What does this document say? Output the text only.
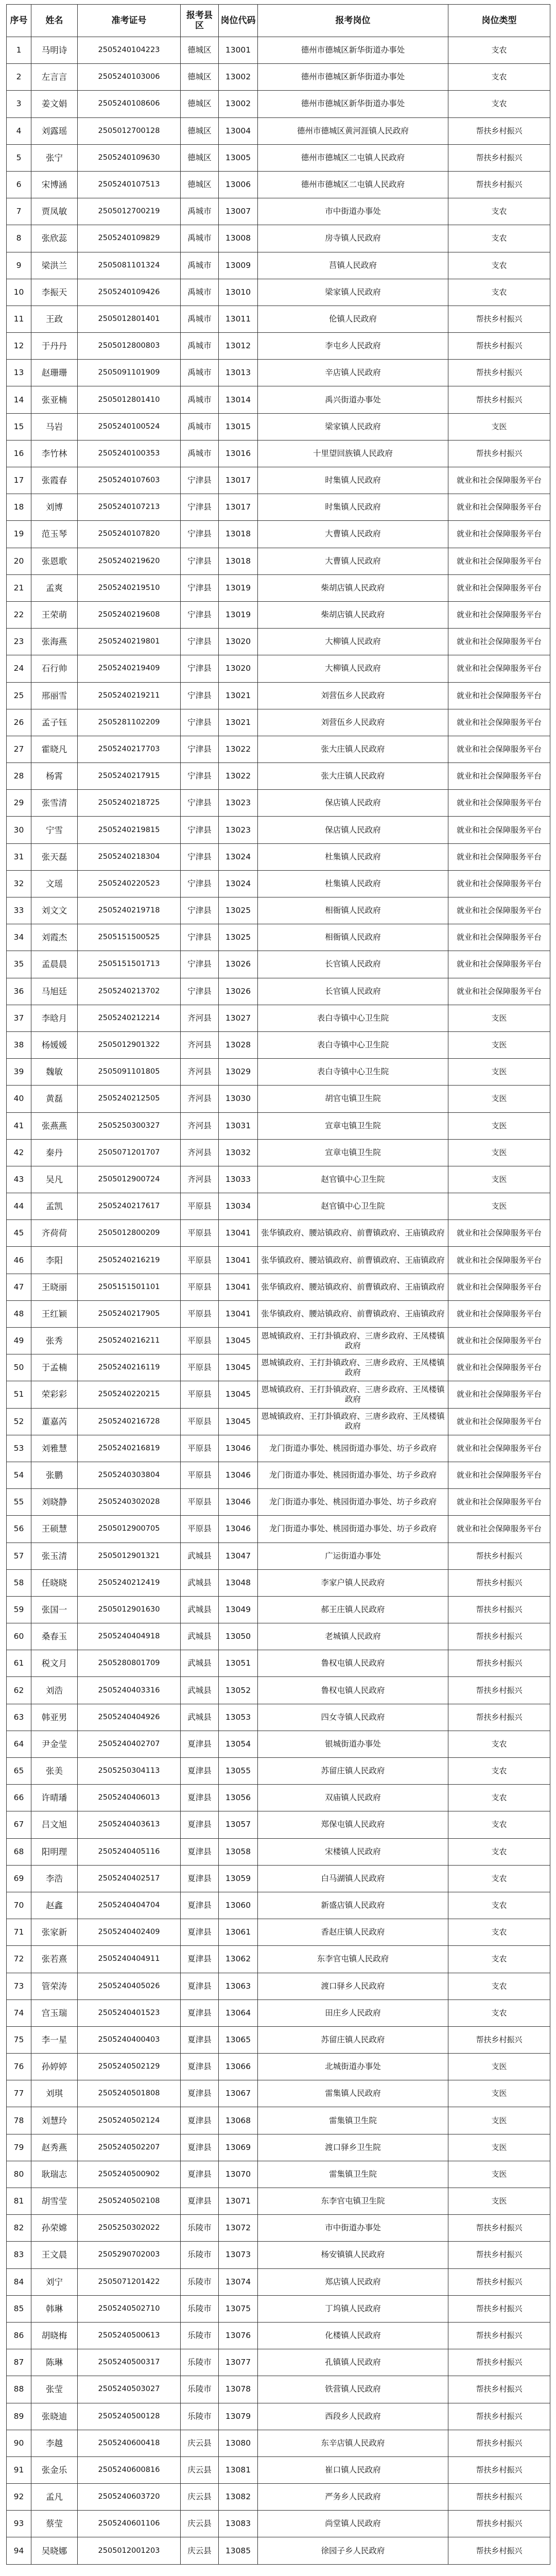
序号	姓名	准考证号	报考县区	岗位代码	报考岗位	岗位类型
1	马明诗	2505240104223	德城区	13001	德州市德城区新华街道办事处	支农
2	左言言	2505240103006	德城区	13002	德州市德城区新华街道办事处	支农
3	姜文娟	2505240108606	德城区	13002	德州市德城区新华街道办事处	支农
4	刘露瑶	2505012700128	德城区	13004	德州市德城区黄河涯镇人民政府	帮扶乡村振兴
5	张宁	2505240109630	德城区	13005	德州市德城区二屯镇人民政府	帮扶乡村振兴
6	宋博涵	2505240107513	德城区	13006	德州市德城区二屯镇人民政府	帮扶乡村振兴
7	贾凤敏	2505012700219	禹城市	13007	市中街道办事处	支农
8	张欣蕊	2505240109829	禹城市	13008	房寺镇人民政府	支农
9	梁洪兰	2505081101324	禹城市	13009	莒镇人民政府	支农
10	李振天	2505240109426	禹城市	13010	梁家镇人民政府	支农
11	王政	2505012801401	禹城市	13011	伦镇人民政府	帮扶乡村振兴
12	于丹丹	2505012800803	禹城市	13012	李屯乡人民政府	帮扶乡村振兴
13	赵珊珊	2505091101909	禹城市	13013	辛店镇人民政府	帮扶乡村振兴
14	张亚楠	2505012801410	禹城市	13014	禹兴街道办事处	帮扶乡村振兴
15	马岩	2505240100524	禹城市	13015	梁家镇人民政府	支医
16	李竹林	2505240100353	禹城市	13016	十里望回族镇人民政府	帮扶乡村振兴
17	张霞春	2505240107603	宁津县	13017	时集镇人民政府	就业和社会保障服务平台
18	刘博	2505240107213	宁津县	13017	时集镇人民政府	就业和社会保障服务平台
19	范玉琴	2505240107820	宁津县	13018	大曹镇人民政府	就业和社会保障服务平台
20	张恩歌	2505240219620	宁津县	13018	大曹镇人民政府	就业和社会保障服务平台
21	孟爽	2505240219510	宁津县	13019	柴胡店镇人民政府	就业和社会保障服务平台
22	王荣萌	2505240219608	宁津县	13019	柴胡店镇人民政府	就业和社会保障服务平台
23	张海燕	2505240219801	宁津县	13020	大柳镇人民政府	就业和社会保障服务平台
24	石行帅	2505240219409	宁津县	13020	大柳镇人民政府	就业和社会保障服务平台
25	邢丽雪	2505240219211	宁津县	13021	刘营伍乡人民政府	就业和社会保障服务平台
26	孟子钰	2505281102209	宁津县	13021	刘营伍乡人民政府	就业和社会保障服务平台
27	霍晓凡	2505240217703	宁津县	13022	张大庄镇人民政府	就业和社会保障服务平台
28	杨霄	2505240217915	宁津县	13022	张大庄镇人民政府	就业和社会保障服务平台
29	张雪清	2505240218725	宁津县	13023	保店镇人民政府	就业和社会保障服务平台
30	宁雪	2505240219815	宁津县	13023	保店镇人民政府	就业和社会保障服务平台
31	张天磊	2505240218304	宁津县	13024	杜集镇人民政府	就业和社会保障服务平台
32	文瑶	2505240220523	宁津县	13024	杜集镇人民政府	就业和社会保障服务平台
33	刘文文	2505240219718	宁津县	13025	相衙镇人民政府	就业和社会保障服务平台
34	刘霞杰	2505151500525	宁津县	13025	相衙镇人民政府	就业和社会保障服务平台
35	孟晨晨	2505151501713	宁津县	13026	长官镇人民政府	就业和社会保障服务平台
36	马旭廷	2505240213702	宁津县	13026	长官镇人民政府	就业和社会保障服务平台
37	李晗月	2505240212214	齐河县	13027	表白寺镇中心卫生院	支医
38	杨媛媛	2505012901322	齐河县	13028	表白寺镇中心卫生院	支医
39	魏敏	2505091101805	齐河县	13029	表白寺镇中心卫生院	支医
40	黄磊	2505240212505	齐河县	13030	胡官屯镇卫生院	支医
41	张燕燕	2505250300327	齐河县	13031	宣章屯镇卫生院	支医
42	秦丹	2505071201707	齐河县	13032	宣章屯镇卫生院	支医
43	吴凡	2505012900724	齐河县	13033	赵官镇中心卫生院	支医
44	孟凯	2505240217617	平原县	13034	赵官镇中心卫生院	支医
45	齐荷荷	2505012800209	平原县	13041	张华镇政府、腰站镇政府、前曹镇政府、王庙镇政府	就业和社会保障服务平台
46	李阳	2505240216219	平原县	13041	张华镇政府、腰站镇政府、前曹镇政府、王庙镇政府	就业和社会保障服务平台
47	王晓丽	2505151501101	平原县	13041	张华镇政府、腰站镇政府、前曹镇政府、王庙镇政府	就业和社会保障服务平台
48	王红颖	2505240217905	平原县	13041	张华镇政府、腰站镇政府、前曹镇政府、王庙镇政府	就业和社会保障服务平台
49	张秀	2505240216211	平原县	13045	恩城镇政府、王打卦镇政府、三唐乡政府、王凤楼镇政府	就业和社会保障服务平台
50	于孟楠	2505240216119	平原县	13045	恩城镇政府、王打卦镇政府、三唐乡政府、王凤楼镇政府	就业和社会保障服务平台
51	荣彩彩	2505240220215	平原县	13045	恩城镇政府、王打卦镇政府、三唐乡政府、王凤楼镇政府	就业和社会保障服务平台
52	董嘉芮	2505240216728	平原县	13045	恩城镇政府、王打卦镇政府、三唐乡政府、王凤楼镇政府	就业和社会保障服务平台
53	刘雅慧	2505240216819	平原县	13046	龙门街道办事处、桃园街道办事处、坊子乡政府	就业和社会保障服务平台
54	张鹏	2505240303804	平原县	13046	龙门街道办事处、桃园街道办事处、坊子乡政府	就业和社会保障服务平台
55	刘晓静	2505240302028	平原县	13046	龙门街道办事处、桃园街道办事处、坊子乡政府	就业和社会保障服务平台
56	王硕慧	2505012900705	平原县	13046	龙门街道办事处、桃园街道办事处、坊子乡政府	就业和社会保障服务平台
57	张玉清	2505012901321	武城县	13047	广运街道办事处	帮扶乡村振兴
58	任晓晓	2505240212419	武城县	13048	李家户镇人民政府	帮扶乡村振兴
59	张国一	2505012901630	武城县	13049	郝王庄镇人民政府	帮扶乡村振兴
60	桑春玉	2505240404918	武城县	13050	老城镇人民政府	帮扶乡村振兴
61	税文月	2505280801709	武城县	13051	鲁权屯镇人民政府	帮扶乡村振兴
62	刘浩	2505240403316	武城县	13052	鲁权屯镇人民政府	帮扶乡村振兴
63	韩亚男	2505240404926	武城县	13053	四女寺镇人民政府	帮扶乡村振兴
64	尹金莹	2505240402707	夏津县	13054	银城街道办事处	支农
65	张美	2505250304113	夏津县	13055	苏留庄镇人民政府	支农
66	许晴璠	2505240406013	夏津县	13056	双庙镇人民政府	支农
67	吕文旭	2505240403613	夏津县	13057	郑保屯镇人民政府	支农
68	阳明理	2505240405116	夏津县	13058	宋楼镇人民政府	支农
69	李浩	2505240402517	夏津县	13059	白马湖镇人民政府	支农
70	赵鑫	2505240404704	夏津县	13060	新盛店镇人民政府	支农
71	张家新	2505240402409	夏津县	13061	香赵庄镇人民政府	支农
72	张若熹	2505240404911	夏津县	13062	东李官屯镇人民政府	支农
73	管荣涛	2505240405026	夏津县	13063	渡口驿乡人民政府	支农
74	宫玉瑞	2505240401523	夏津县	13064	田庄乡人民政府	支农
75	李一星	2505240400403	夏津县	13065	苏留庄镇人民政府	帮扶乡村振兴
76	孙婷婷	2505240502129	夏津县	13066	北城街道办事处	支医
77	刘琪	2505240501808	夏津县	13067	雷集镇人民政府	支医
78	刘慧玲	2505240502124	夏津县	13068	雷集镇卫生院	支医
79	赵秀燕	2505240502207	夏津县	13069	渡口驿乡卫生院	支医
80	耿瑞志	2505240500902	夏津县	13070	雷集镇卫生院	支医
81	胡雪莹	2505240502108	夏津县	13071	东李官屯镇卫生院	支医
82	孙荣嫦	2505250302022	乐陵市	13072	市中街道办事处	帮扶乡村振兴
83	王文晨	2505290702003	乐陵市	13073	杨安镇镇人民政府	帮扶乡村振兴
84	刘宁	2505071201422	乐陵市	13074	郑店镇人民政府	帮扶乡村振兴
85	韩琳	2505240502710	乐陵市	13075	丁坞镇人民政府	帮扶乡村振兴
86	胡晓梅	2505240500613	乐陵市	13076	化楼镇人民政府	帮扶乡村振兴
87	陈琳	2505240500317	乐陵市	13077	孔镇镇人民政府	帮扶乡村振兴
88	张莹	2505240503027	乐陵市	13078	铁营镇人民政府	帮扶乡村振兴
89	张晓迪	2505240500128	乐陵市	13079	西段乡人民政府	帮扶乡村振兴
90	李越	2505240600418	庆云县	13080	东辛店镇人民政府	帮扶乡村振兴
91	张金乐	2505240600816	庆云县	13081	崔口镇人民政府	帮扶乡村振兴
92	孟凡	2505240603720	庆云县	13082	严务乡人民政府	帮扶乡村振兴
93	蔡莹	2505240601106	庆云县	13083	尚堂镇人民政府	帮扶乡村振兴
94	吴晓娜	2505012001203	庆云县	13085	徐园子乡人民政府	帮扶乡村振兴
